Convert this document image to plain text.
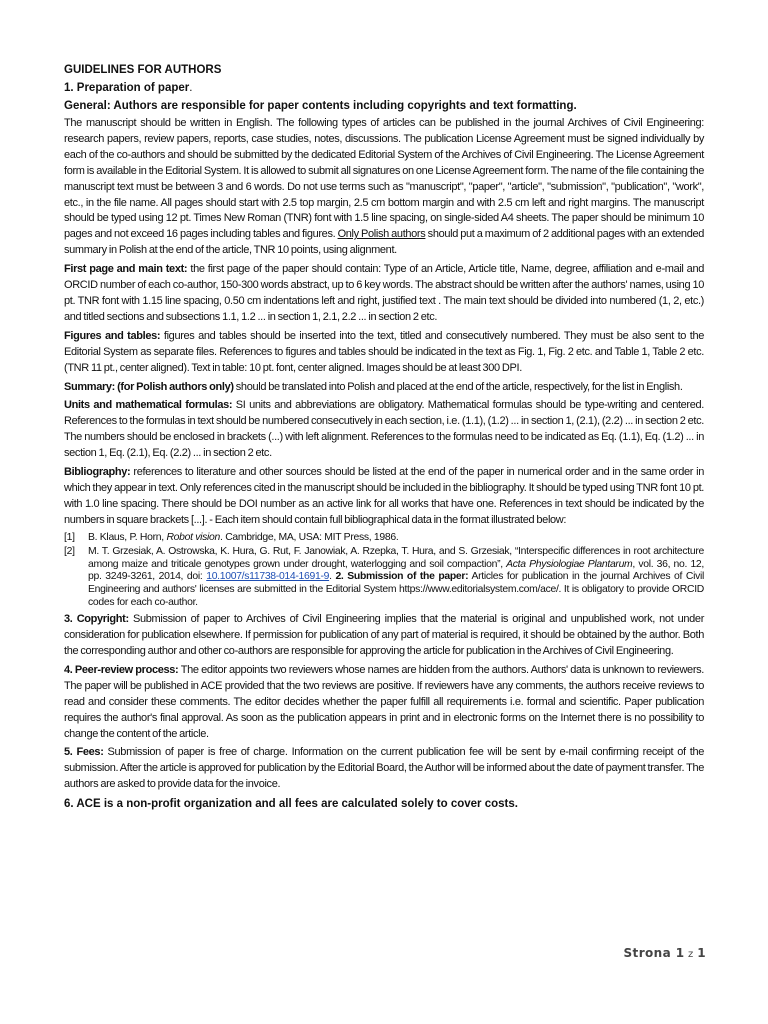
GUIDELINES FOR AUTHORS
1. Preparation of paper.
General: Authors are responsible for paper contents including copyrights and text formatting.

The manuscript should be written in English. The following types of articles can be published in the journal Archives of Civil Engineering: research papers, review papers, reports, case studies, notes, discussions. The publication License Agreement must be signed individually by each of the co-authors and should be submitted by the dedicated Editorial System of the Archives of Civil Engineering. The License Agreement form is available in the Editorial System. It is allowed to submit all signatures on one License Agreement form. The name of the file containing the manuscript text must be between 3 and 6 words. Do not use terms such as "manuscript", "paper", "article", "submission", "publication", "work", etc., in the file name. All pages should start with 2.5 top margin, 2.5 cm bottom margin and with 2.5 cm left and right margins. The manuscript should be typed using 12 pt. Times New Roman (TNR) font with 1.5 line spacing, on single-sided A4 sheets. The paper should be minimum 10 pages and not exceed 16 pages including tables and figures. Only Polish authors should put a maximum of 2 additional pages with an extended summary in Polish at the end of the article, TNR 10 points, using alignment.

First page and main text: the first page of the paper should contain: Type of an Article, Article title, Name, degree, affiliation and e-mail and ORCID number of each co-author, 150-300 words abstract, up to 6 key words. The abstract should be written after the authors' names, using 10 pt. TNR font with 1.15 line spacing, 0.50 cm indentations left and right, justified text . The main text should be divided into numbered (1, 2, etc.) and titled sections and subsections 1.1, 1.2 ... in section 1, 2.1, 2.2 ... in section 2 etc.

Figures and tables: figures and tables should be inserted into the text, titled and consecutively numbered. They must be also sent to the Editorial System as separate files. References to figures and tables should be indicated in the text as Fig. 1, Fig. 2 etc. and Table 1, Table 2 etc. (TNR 11 pt., center aligned). Text in table: 10 pt. font, center aligned. Images should be at least 300 DPI.

Summary: (for Polish authors only) should be translated into Polish and placed at the end of the article, respectively, for the list in English.

Units and mathematical formulas: SI units and abbreviations are obligatory. Mathematical formulas should be type-writing and centered. References to the formulas in text should be numbered consecutively in each section, i.e. (1.1), (1.2) ... in section 1, (2.1), (2.2) ... in section 2 etc. The numbers should be enclosed in brackets (...) with left alignment. References to the formulas need to be indicated as Eq. (1.1), Eq. (1.2) ... in section 1, Eq. (2.1), Eq. (2.2) ... in section 2 etc.

Bibliography: references to literature and other sources should be listed at the end of the paper in numerical order and in the same order in which they appear in text. Only references cited in the manuscript should be included in the bibliography. It should be typed using TNR font 10 pt. with 1.0 line spacing. There should be DOI number as an active link for all works that have one. References in text should be indicated by the numbers in square brackets [...]. - Each item should contain full bibliographical data in the format illustrated below:

[1]	B. Klaus, P. Horn, Robot vision. Cambridge, MA, USA: MIT Press, 1986.
[2]	M. T. Grzesiak, A. Ostrowska, K. Hura, G. Rut, F. Janowiak, A. Rzepka, T. Hura, and S. Grzesiak, “Interspecific differences in root architecture among maize and triticale genotypes grown under drought, waterlogging and soil compaction”, Acta Physiologiae Plantarum, vol. 36, no. 12, pp. 3249-3261, 2014, doi: 10.1007/s11738-014-1691-9. 2. Submission of the paper: Articles for publication in the journal Archives of Civil Engineering and authors' licenses are submitted in the Editorial System https://www.editorialsystem.com/ace/. It is obligatory to provide ORCID codes for each co-author.

3. Copyright: Submission of paper to Archives of Civil Engineering implies that the material is original and unpublished work, not under consideration for publication elsewhere. If permission for publication of any part of material is required, it should be obtained by the author. Both the corresponding author and other co-authors are responsible for approving the article for publication in the Archives of Civil Engineering.

4. Peer-review process: The editor appoints two reviewers whose names are hidden from the authors. Authors' data is unknown to reviewers. The paper will be published in ACE provided that the two reviews are positive. If reviewers have any comments, the authors receive reviews to read and consider these comments. The editor decides whether the paper fulfill all requirements i.e. formal and scientific. Paper publication requires the author's final approval. As soon as the publication appears in print and in electronic forms on the Internet there is no possibility to change the content of the article.

5. Fees: Submission of paper is free of charge. Information on the current publication fee will be sent by e-mail confirming receipt of the submission. After the article is approved for publication by the Editorial Board, the Author will be informed about the date of payment transfer. The authors are asked to provide data for the invoice.

6. ACE is a non-profit organization and all fees are calculated solely to cover costs.
Strona 1 z 1
